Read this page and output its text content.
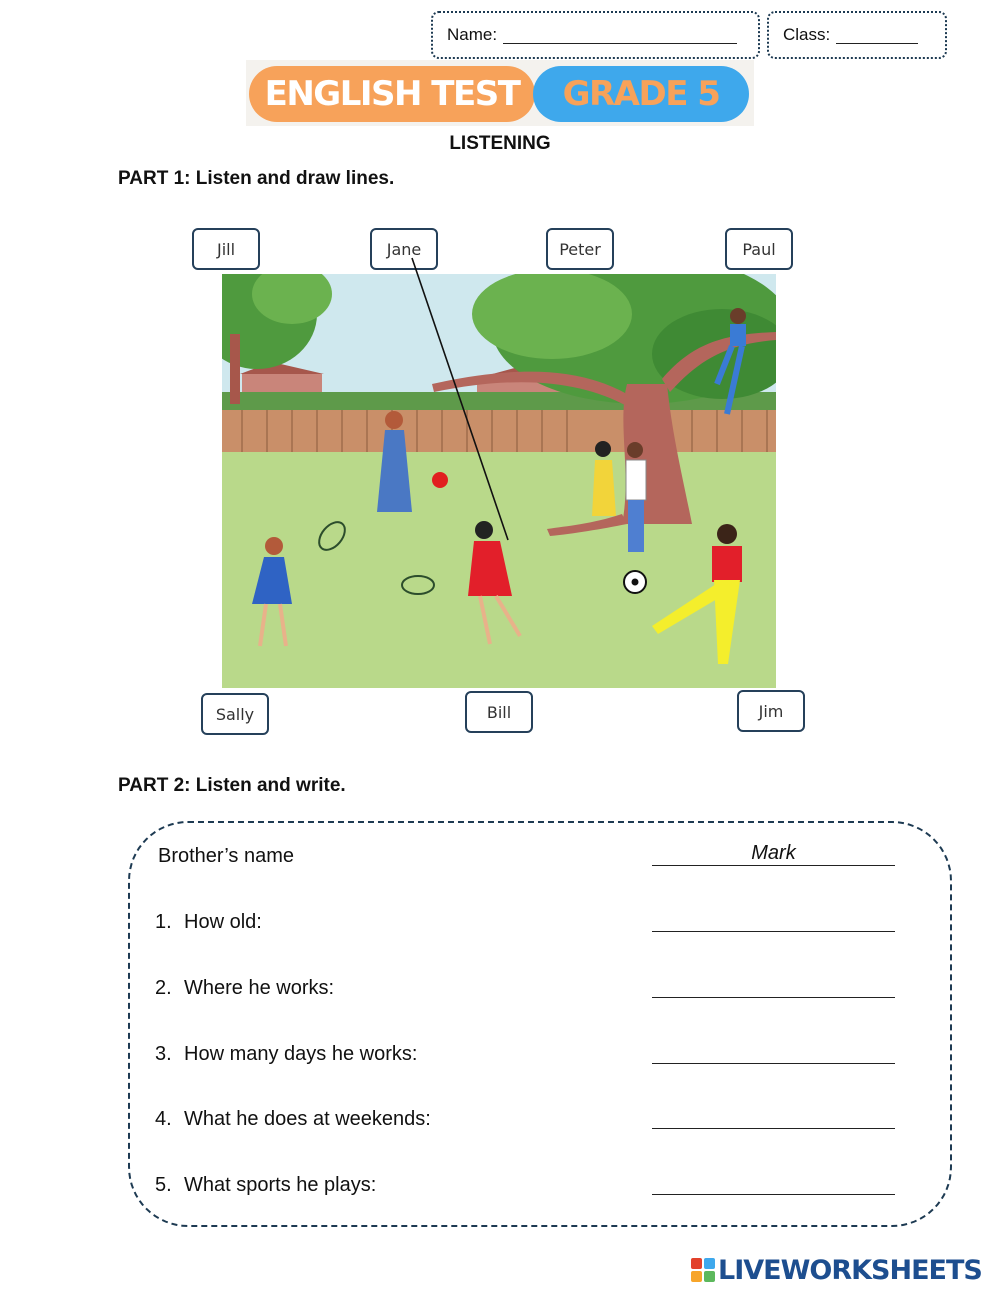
Name:	Class:
ENGLISH TEST	GRADE 5
LISTENING
PART 1: Listen and draw lines.
Jill	Jane	Peter	Paul
Sally	Bill	Jim
PART 2: Listen and write.
Brother’s name	Mark
1. How old:
2. Where he works:
3. How many days he works:
4. What he does at weekends:
5. What sports he plays:
LIVEWORKSHEETS
